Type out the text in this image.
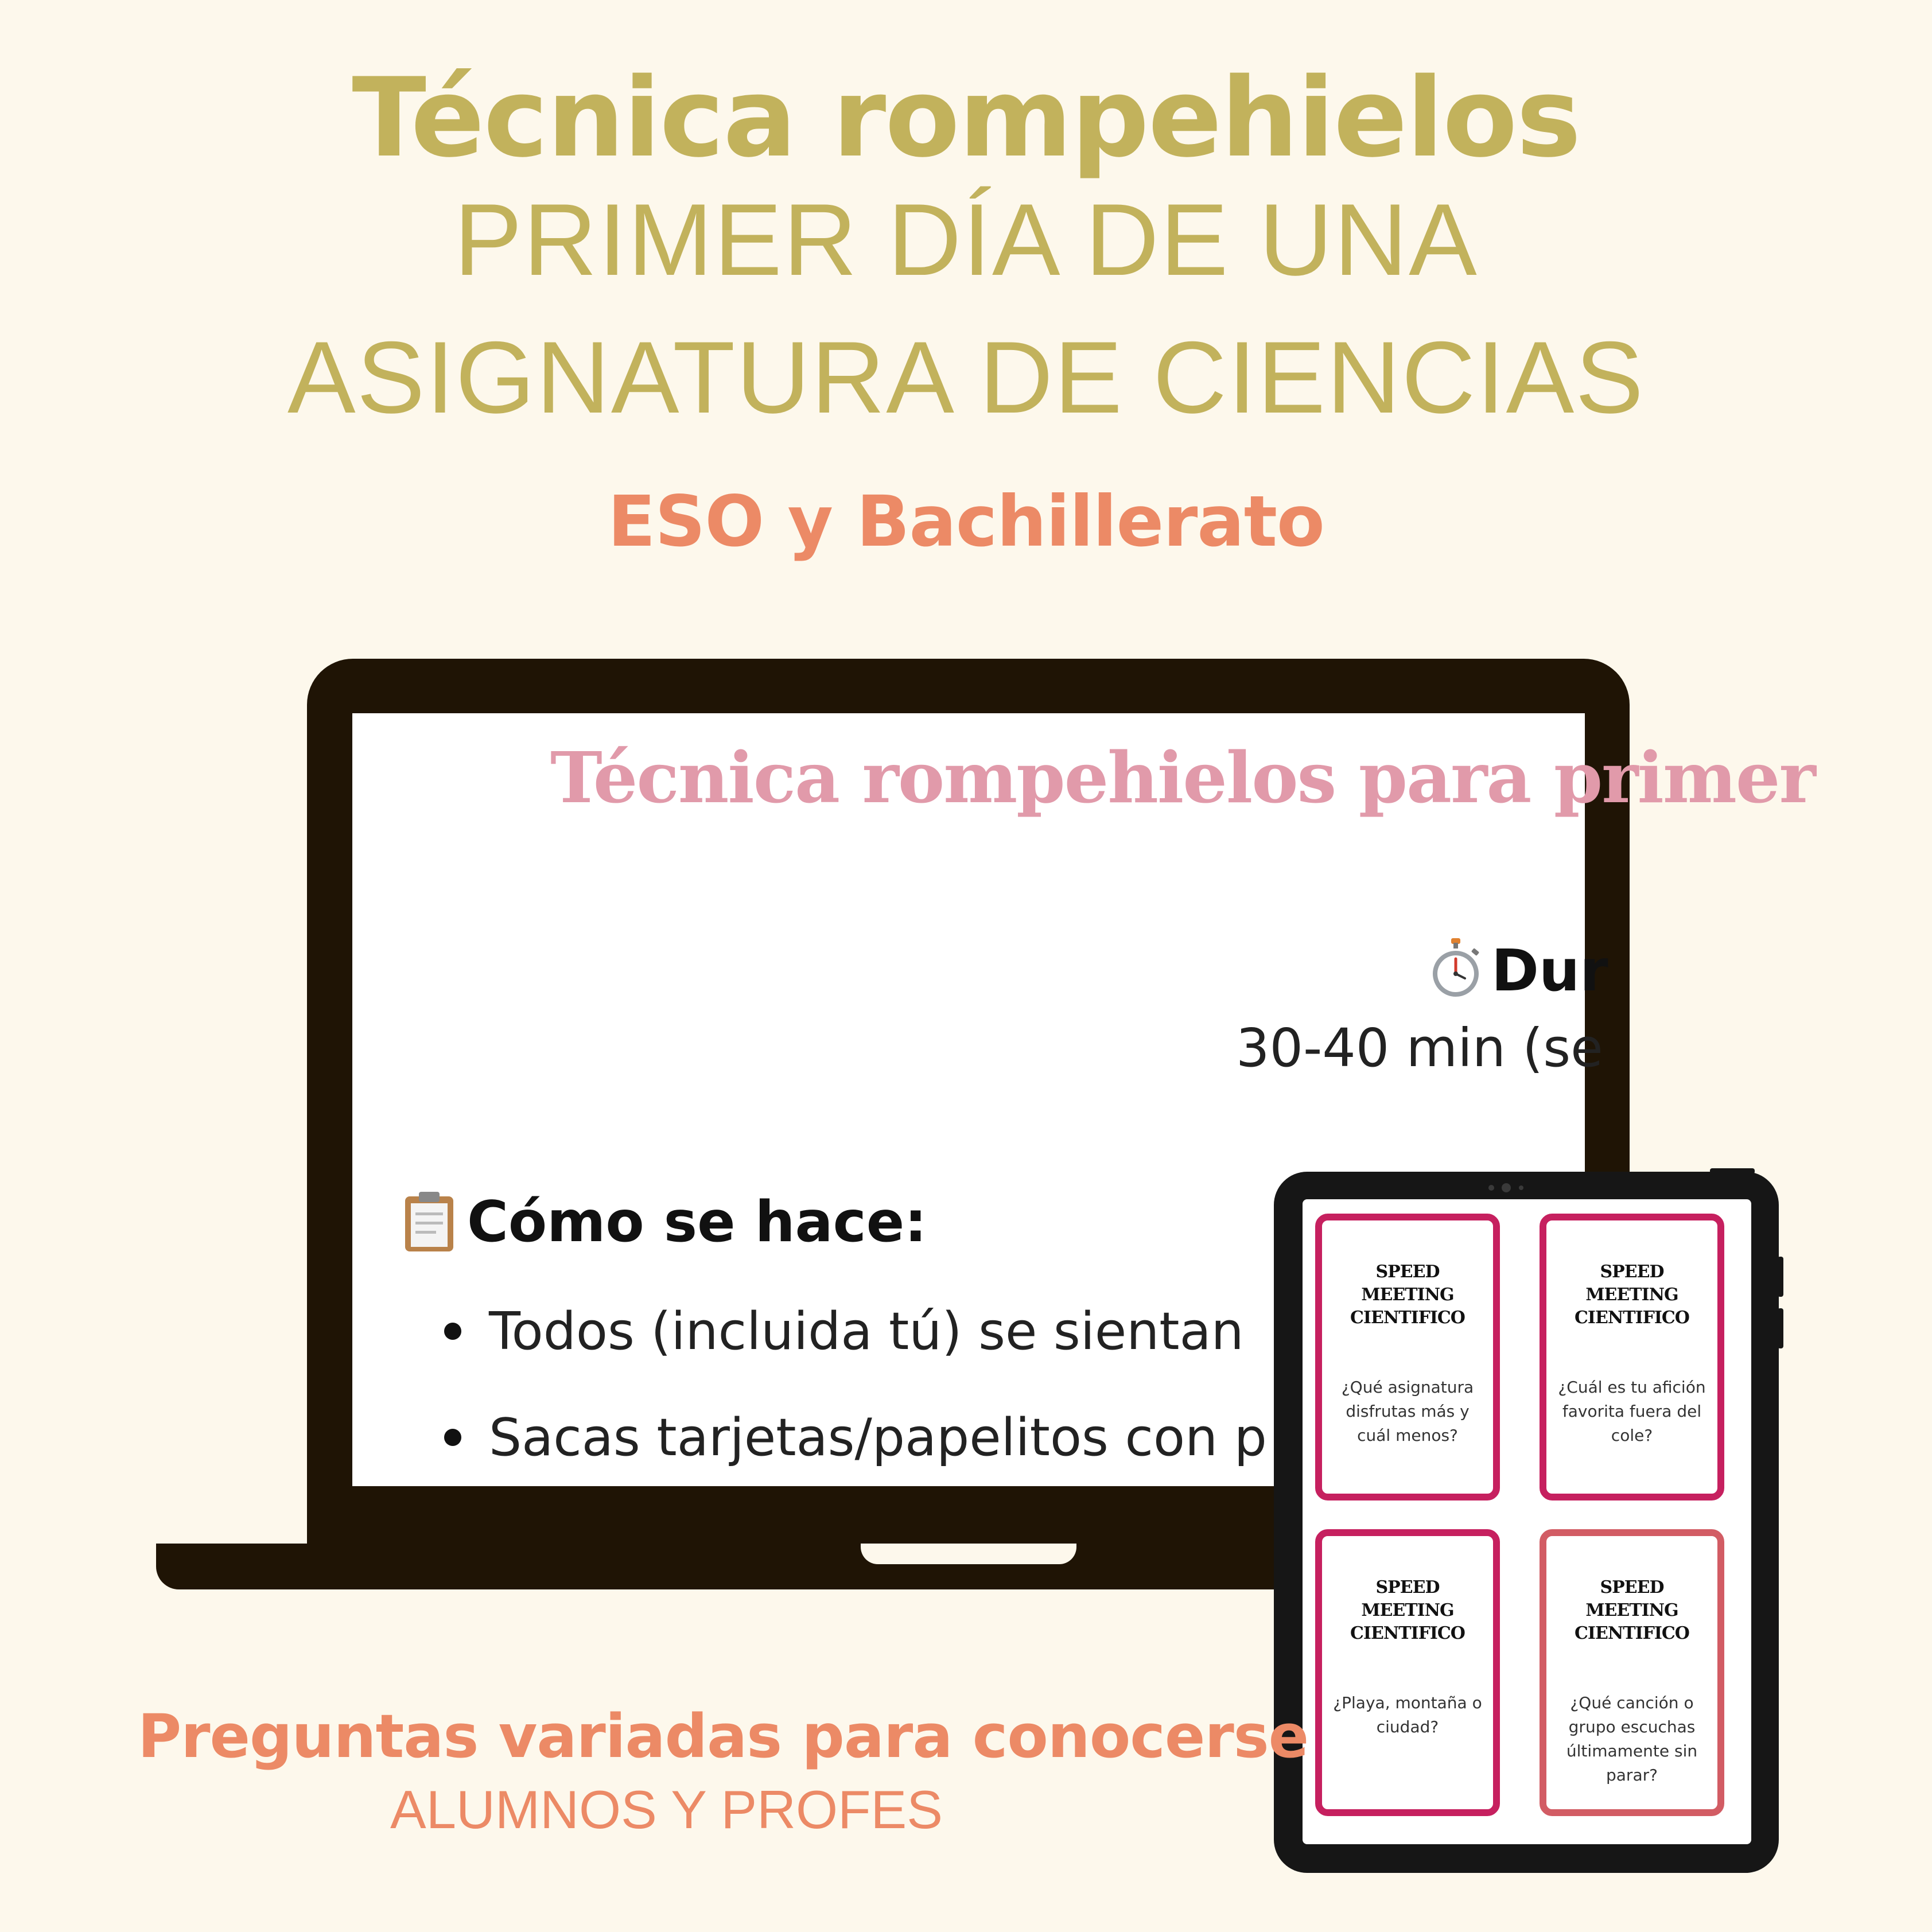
Técnica rompehielos
PRIMER DÍA DE UNA
ASIGNATURA DE CIENCIAS
ESO y Bachillerato
Técnica rompehielos para primer
Dur
30-40 min (se
Cómo se hace:
Todos (incluida tú) se sientan
Sacas tarjetas/papelitos con p
SPEED MEETING CIENTIFICO
¿Qué asignatura disfrutas más y cuál menos?
SPEED MEETING CIENTIFICO
¿Cuál es tu afición favorita fuera del cole?
SPEED MEETING CIENTIFICO
¿Playa, montaña o ciudad?
SPEED MEETING CIENTIFICO
¿Qué canción o grupo escuchas últimamente sin parar?
Preguntas variadas para conocerse
ALUMNOS Y PROFES
